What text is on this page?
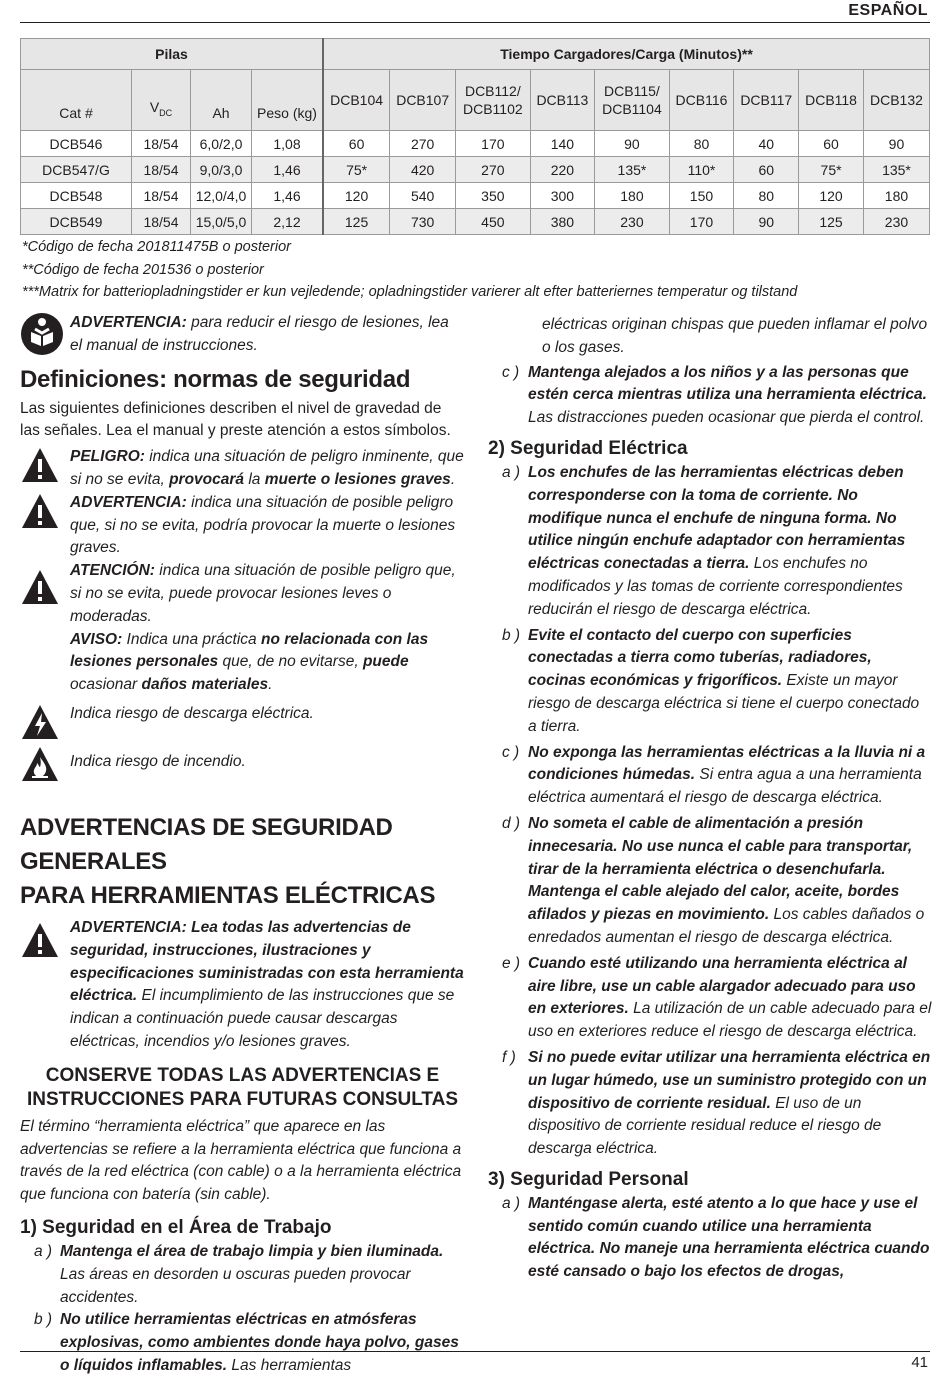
ESPAÑOL
Pilas				Tiempo Cargadores/Carga (Minutos)**								
Cat #	$V_{DC}$	Ah	Peso (kg)	DCB104	DCB107	DCB112/
DCB1102	DCB113	DCB115/
DCB1104	DCB116	DCB117	DCB118	DCB132
DCB546	18/54	6,0/2,0	1,08	60	270	170	140	90	80	40	60	90
DCB547/G	18/54	9,0/3,0	1,46	75*	420	270	220	135*	110*	60	75*	135*
DCB548	18/54	12,0/4,0	1,46	120	540	350	300	180	150	80	120	180
DCB549	18/54	15,0/5,0	2,12	125	730	450	380	230	170	90	125	230
*Código de fecha 201811475B o posterior
**Código de fecha 201536 o posterior
***Matrix for batteriopladningstider er kun vejledende; opladningstider varierer alt efter batteriernes temperatur og tilstand
ADVERTENCIA: para reducir el riesgo de lesiones, lea el manual de instrucciones.
Definiciones: normas de seguridad
Las siguientes definiciones describen el nivel de gravedad de las señales. Lea el manual y preste atención a estos símbolos.
PELIGRO: indica una situación de peligro inminente, que si no se evita, provocará la muerte o lesiones graves.
ADVERTENCIA: indica una situación de posible peligro que, si no se evita, podría provocar la muerte o lesiones graves.
ATENCIÓN: indica una situación de posible peligro que, si no se evita, puede provocar lesiones leves o moderadas.
AVISO: Indica una práctica no relacionada con las lesiones personales que, de no evitarse, puede ocasionar daños materiales.
Indica riesgo de descarga eléctrica.
Indica riesgo de incendio.
ADVERTENCIAS DE SEGURIDAD GENERALES
PARA HERRAMIENTAS ELÉCTRICAS
ADVERTENCIA: Lea todas las advertencias de seguridad, instrucciones, ilustraciones y especificaciones suministradas con esta herramienta eléctrica. El incumplimiento de las instrucciones que se indican a continuación puede causar descargas eléctricas, incendios y/o lesiones graves.
CONSERVE TODAS LAS ADVERTENCIAS E
INSTRUCCIONES PARA FUTURAS CONSULTAS
El término “herramienta eléctrica” que aparece en las advertencias se refiere a la herramienta eléctrica que funciona a través de la red eléctrica (con cable) o a la herramienta eléctrica que funciona con batería (sin cable).
1) Seguridad en el Área de Trabajo
a ) Mantenga el área de trabajo limpia y bien iluminada. Las áreas en desorden u oscuras pueden provocar accidentes.
b ) No utilice herramientas eléctricas en atmósferas explosivas, como ambientes donde haya polvo, gases o líquidos inflamables. Las herramientas
eléctricas originan chispas que pueden inflamar el polvo o los gases.
c ) Mantenga alejados a los niños y a las personas que estén cerca mientras utiliza una herramienta eléctrica. Las distracciones pueden ocasionar que pierda el control.
2) Seguridad Eléctrica
a ) Los enchufes de las herramientas eléctricas deben corresponderse con la toma de corriente. No modifique nunca el enchufe de ninguna forma. No utilice ningún enchufe adaptador con herramientas eléctricas conectadas a tierra. Los enchufes no modificados y las tomas de corriente correspondientes reducirán el riesgo de descarga eléctrica.
b ) Evite el contacto del cuerpo con superficies conectadas a tierra como tuberías, radiadores, cocinas económicas y frigoríficos. Existe un mayor riesgo de descarga eléctrica si tiene el cuerpo conectado a tierra.
c ) No exponga las herramientas eléctricas a la lluvia ni a condiciones húmedas. Si entra agua a una herramienta eléctrica aumentará el riesgo de descarga eléctrica.
d ) No someta el cable de alimentación a presión innecesaria. No use nunca el cable para transportar, tirar de la herramienta eléctrica o desenchufarla. Mantenga el cable alejado del calor, aceite, bordes afilados y piezas en movimiento. Los cables dañados o enredados aumentan el riesgo de descarga eléctrica.
e ) Cuando esté utilizando una herramienta eléctrica al aire libre, use un cable alargador adecuado para uso en exteriores. La utilización de un cable adecuado para el uso en exteriores reduce el riesgo de descarga eléctrica.
f ) Si no puede evitar utilizar una herramienta eléctrica en un lugar húmedo, use un suministro protegido con un dispositivo de corriente residual. El uso de un dispositivo de corriente residual reduce el riesgo de descarga eléctrica.
3) Seguridad Personal
a ) Manténgase alerta, esté atento a lo que hace y use el sentido común cuando utilice una herramienta eléctrica. No maneje una herramienta eléctrica cuando esté cansado o bajo los efectos de drogas,
41
